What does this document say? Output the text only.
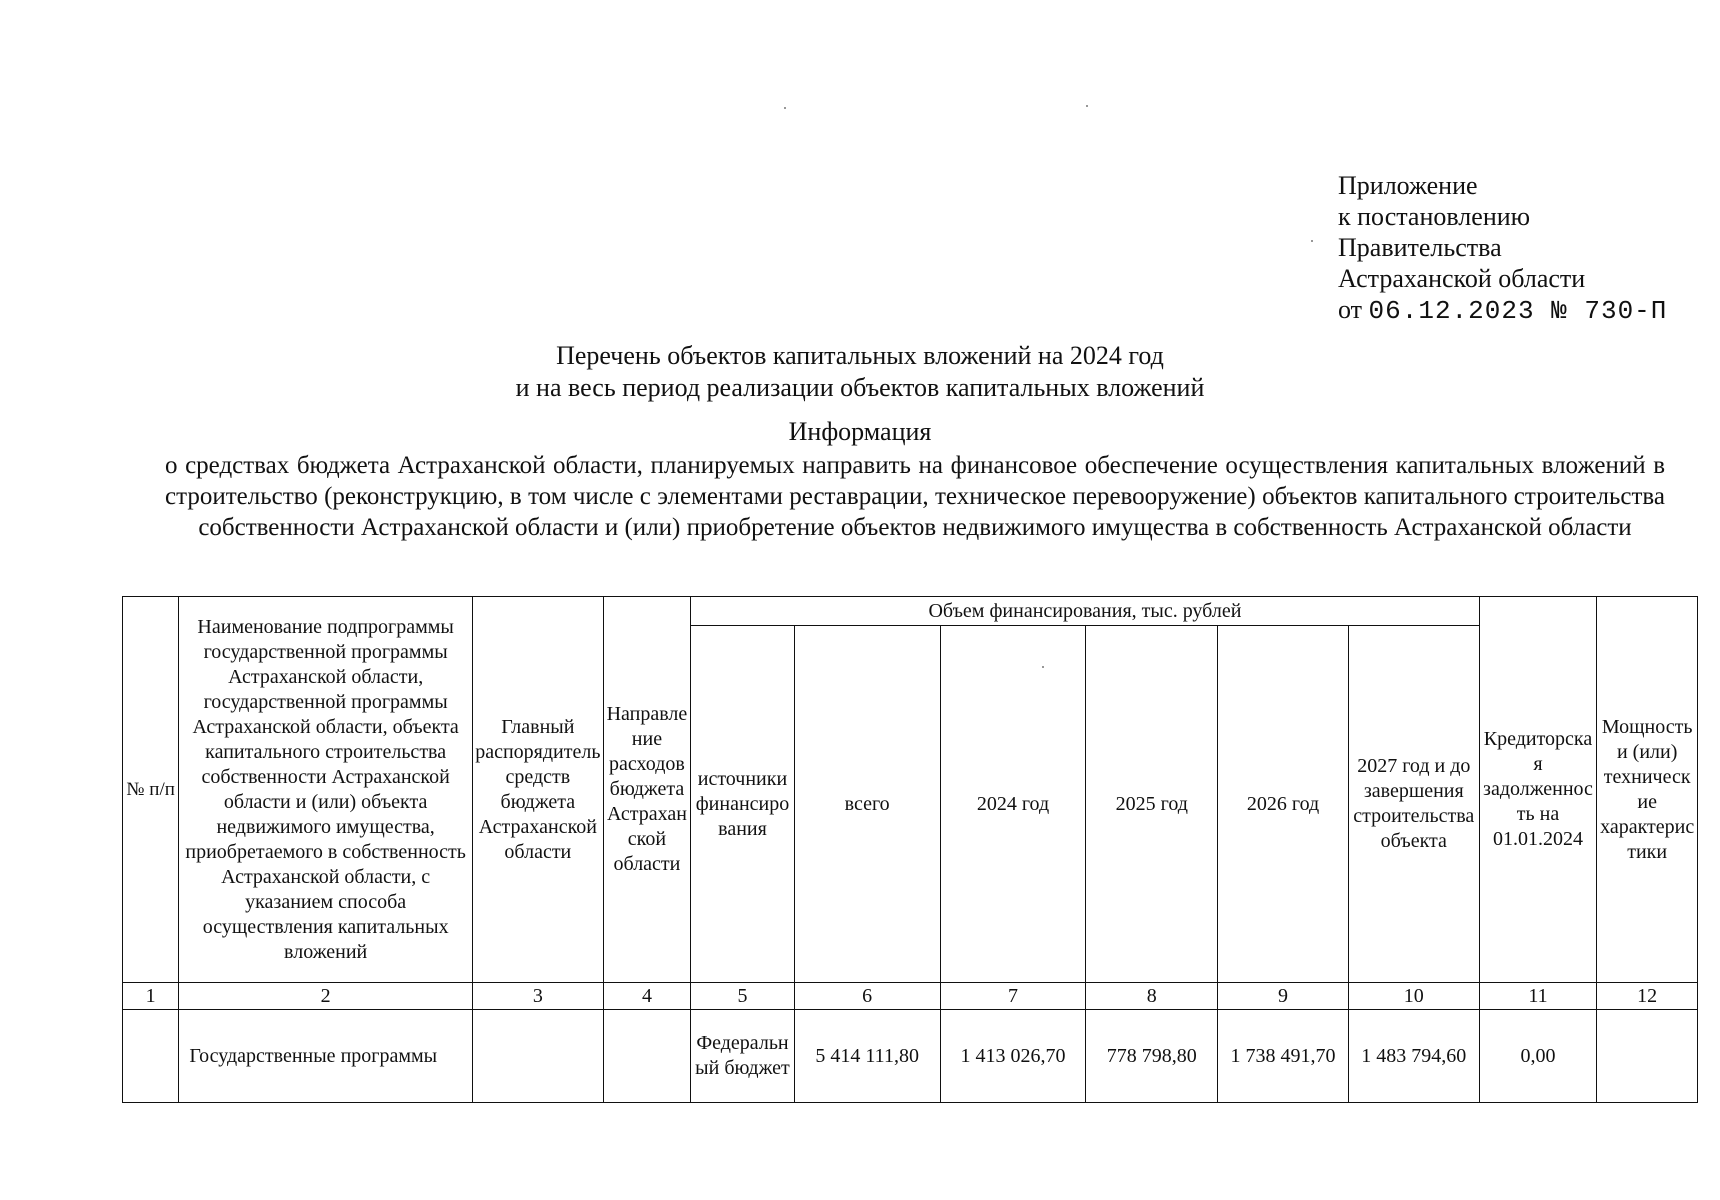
Приложение
к постановлению
Правительства
Астраханской области
от 06.12.2023 № 730-П
Перечень объектов капитальных вложений на 2024 год
и на весь период реализации объектов капитальных вложений
Информация
о средствах бюджета Астраханской области, планируемых направить на финансовое обеспечение осуществления капитальных вложений в строительство (реконструкцию, в том числе с элементами реставрации, техническое перевооружение) объектов капитального строительства собственности Астраханской области и (или) приобретение объектов недвижимого имущества в собственность Астраханской области
№ п/п	Наименование подпрограммы государственной программы Астраханской области, государственной программы Астраханской области, объекта капитального строительства собственности Астраханской области и (или) объекта недвижимого имущества, приобретаемого в собственность Астраханской области, с указанием способа осуществления капитальных вложений	Главный распорядитель средств бюджета Астраханской области	Направление расходов бюджета Астраханской области	Объем финансирования, тыс. рублей						Кредиторская задолженность на 01.01.2024	Мощность и (или) технические характеристики
				источники финансирования	всего	2024 год	2025 год	2026 год	2027 год и до завершения строительства объекта		
1	2	3	4	5	6	7	8	9	10	11	12
	Государственные программы			Федеральный бюджет	5 414 111,80	1 413 026,70	778 798,80	1 738 491,70	1 483 794,60	0,00	
